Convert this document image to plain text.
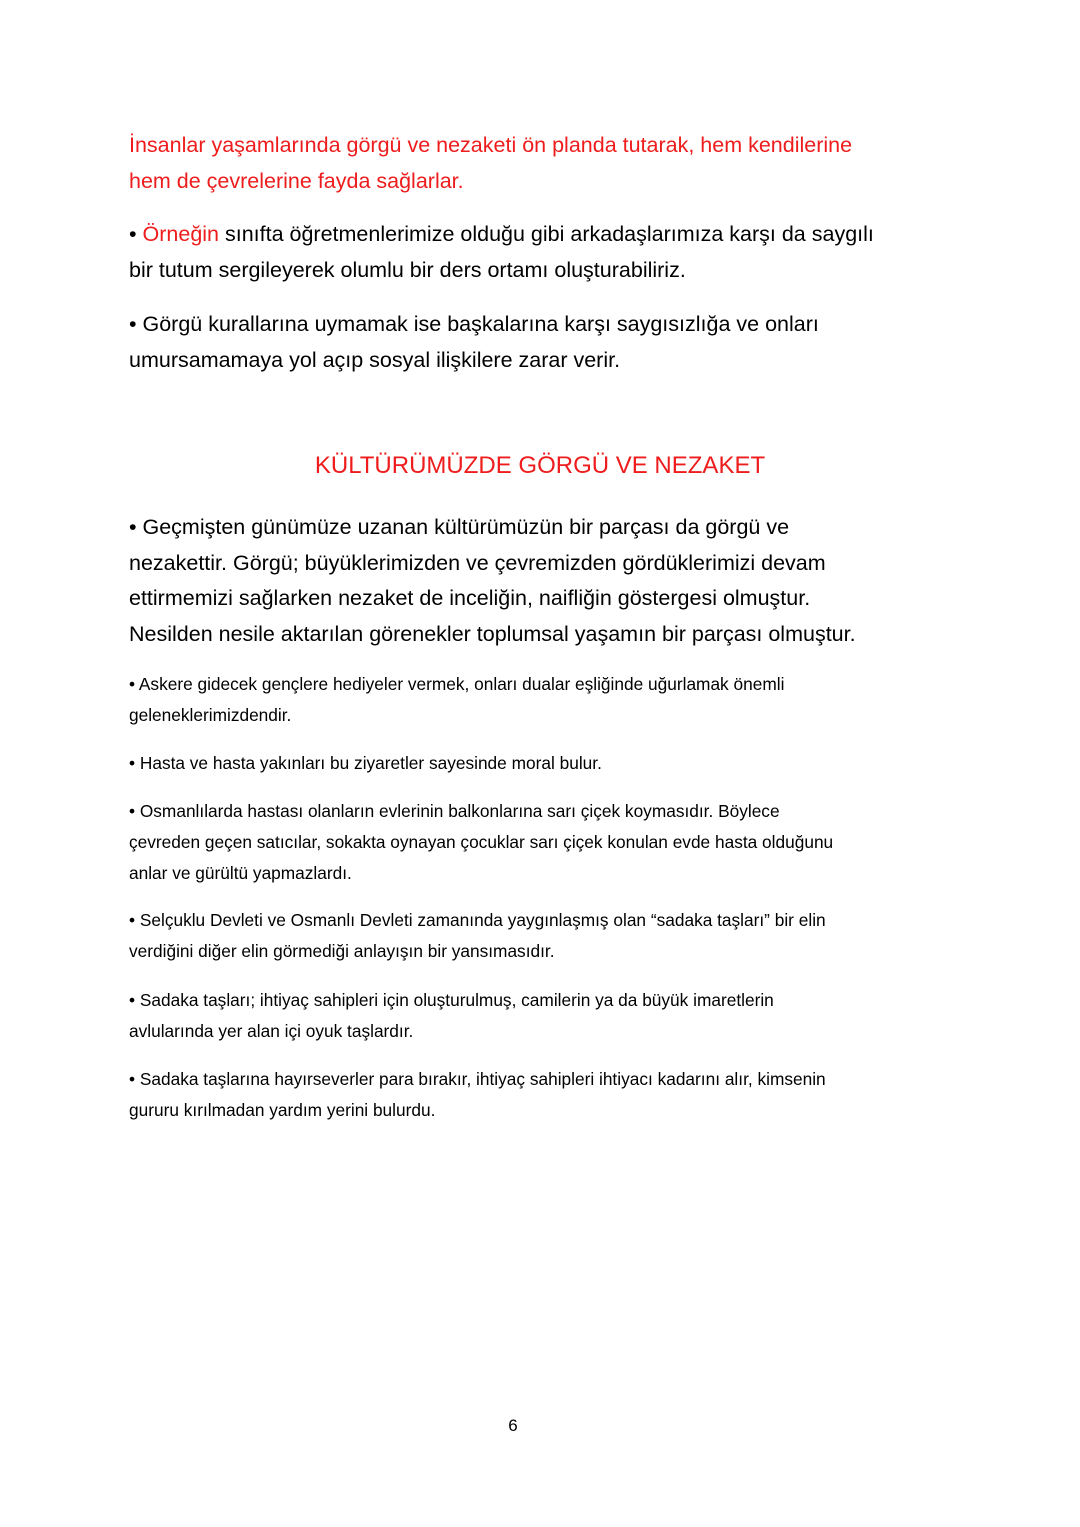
İnsanlar yaşamlarında görgü ve nezaketi ön planda tutarak, hem kendilerine
hem de çevrelerine fayda sağlarlar.
• Örneğin sınıfta öğretmenlerimize olduğu gibi arkadaşlarımıza karşı da saygılı
bir tutum sergileyerek olumlu bir ders ortamı oluşturabiliriz.
• Görgü kurallarına uymamak ise başkalarına karşı saygısızlığa ve onları
umursamamaya yol açıp sosyal ilişkilere zarar verir.
KÜLTÜRÜMÜZDE GÖRGÜ VE NEZAKET
• Geçmişten günümüze uzanan kültürümüzün bir parçası da görgü ve
nezakettir. Görgü; büyüklerimizden ve çevremizden gördüklerimizi devam
ettirmemizi sağlarken nezaket de inceliğin, naifliğin göstergesi olmuştur.
Nesilden nesile aktarılan görenekler toplumsal yaşamın bir parçası olmuştur.
• Askere gidecek gençlere hediyeler vermek, onları dualar eşliğinde uğurlamak önemli
geleneklerimizdendir.
• Hasta ve hasta yakınları bu ziyaretler sayesinde moral bulur.
• Osmanlılarda hastası olanların evlerinin balkonlarına sarı çiçek koymasıdır. Böylece
çevreden geçen satıcılar, sokakta oynayan çocuklar sarı çiçek konulan evde hasta olduğunu
anlar ve gürültü yapmazlardı.
• Selçuklu Devleti ve Osmanlı Devleti zamanında yaygınlaşmış olan “sadaka taşları” bir elin
verdiğini diğer elin görmediği anlayışın bir yansımasıdır.
• Sadaka taşları; ihtiyaç sahipleri için oluşturulmuş, camilerin ya da büyük imaretlerin
avlularında yer alan içi oyuk taşlardır.
• Sadaka taşlarına hayırseverler para bırakır, ihtiyaç sahipleri ihtiyacı kadarını alır, kimsenin
gururu kırılmadan yardım yerini bulurdu.
6
